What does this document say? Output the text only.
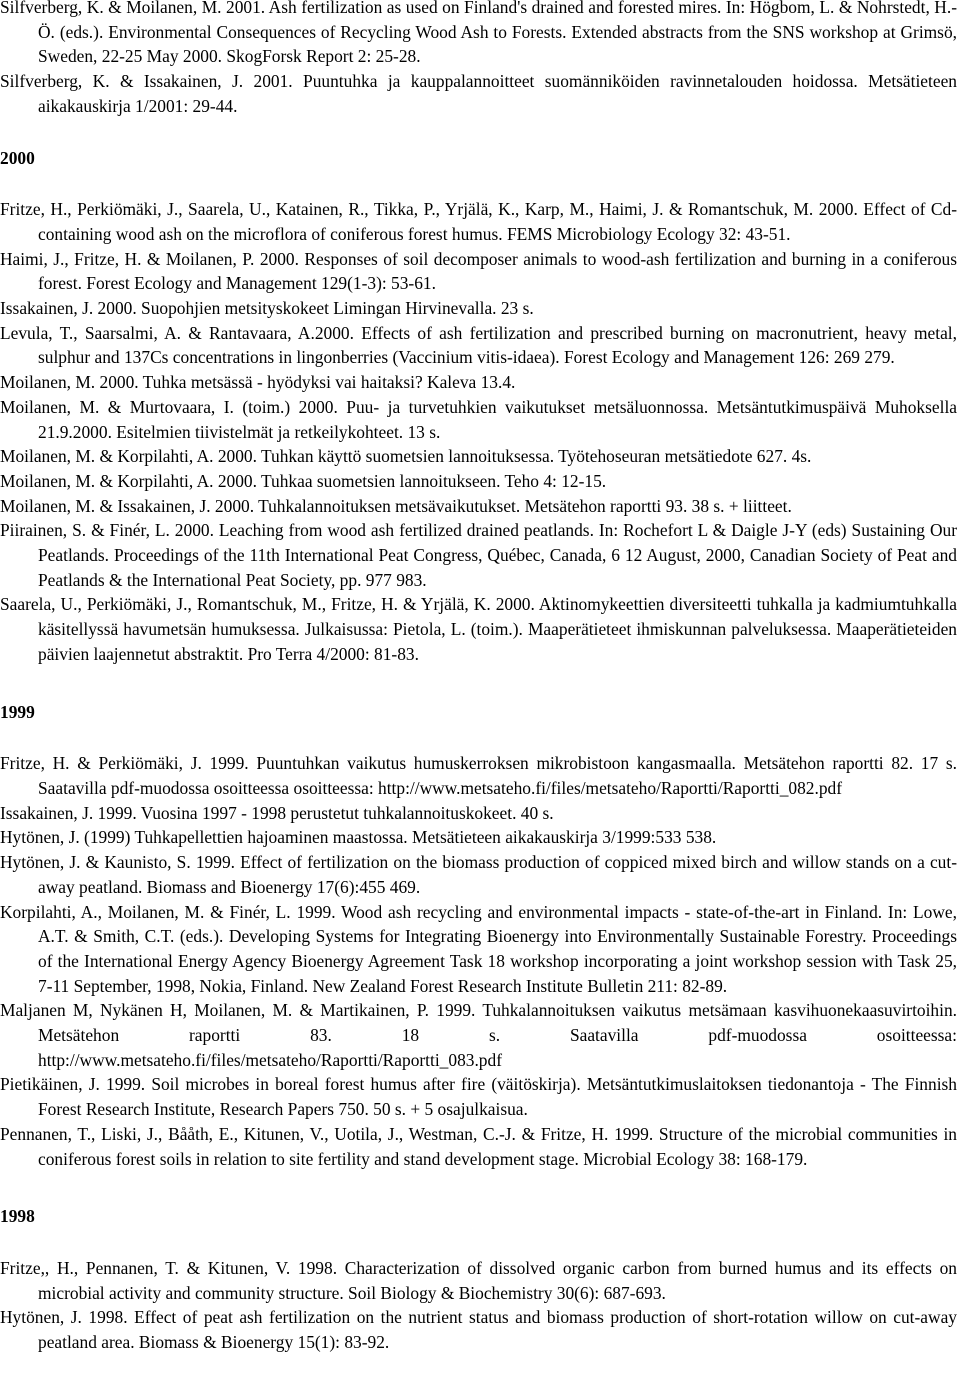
Silfverberg, K. & Moilanen, M. 2001. Ash fertilization as used on Finland's drained and forested mires. In: Högbom, L. & Nohrstedt, H.-Ö. (eds.). Environmental Consequences of Recycling Wood Ash to Forests. Extended abstracts from the SNS workshop at Grimsö, Sweden, 22-25 May 2000. SkogForsk Report 2: 25-28.

Silfverberg, K. & Issakainen, J. 2001. Puuntuhka ja kauppalannoitteet suomänniköiden ravinnetalouden hoidossa. Metsätieteen aikakauskirja 1/2001: 29-44.

2000

Fritze, H., Perkiömäki, J., Saarela, U., Katainen, R., Tikka, P., Yrjälä, K., Karp, M., Haimi, J. & Romantschuk, M. 2000. Effect of Cd-containing wood ash on the microflora of coniferous forest humus. FEMS Microbiology Ecology 32: 43-51.

Haimi, J., Fritze, H. & Moilanen, P. 2000. Responses of soil decomposer animals to wood-ash fertilization and burning in a coniferous forest. Forest Ecology and Management 129(1-3): 53-61.

Issakainen, J. 2000. Suopohjien metsityskokeet Limingan Hirvinevalla. 23 s.

Levula, T., Saarsalmi, A. & Rantavaara, A.2000. Effects of ash fertilization and prescribed burning on macronutrient, heavy metal, sulphur and 137Cs concentrations in lingonberries (Vaccinium vitis-idaea). Forest Ecology and Management 126: 269 279.

Moilanen, M. 2000. Tuhka metsässä - hyödyksi vai haitaksi? Kaleva 13.4.

Moilanen, M. & Murtovaara, I. (toim.) 2000. Puu- ja turvetuhkien vaikutukset metsäluonnossa. Metsäntutkimuspäivä Muhoksella 21.9.2000. Esitelmien tiivistelmät ja retkeilykohteet. 13 s.

Moilanen, M. & Korpilahti, A. 2000. Tuhkan käyttö suometsien lannoituksessa. Työtehoseuran metsätiedote 627. 4s.

Moilanen, M. & Korpilahti, A. 2000. Tuhkaa suometsien lannoitukseen. Teho 4: 12-15.

Moilanen, M. & Issakainen, J. 2000. Tuhkalannoituksen metsävaikutukset. Metsätehon raportti 93. 38 s. + liitteet.

Piirainen, S. & Finér, L. 2000. Leaching from wood ash fertilized drained peatlands. In: Rochefort L & Daigle J-Y (eds) Sustaining Our Peatlands. Proceedings of the 11th International Peat Congress, Québec, Canada, 6 12 August, 2000, Canadian Society of Peat and Peatlands & the International Peat Society, pp. 977 983.

Saarela, U., Perkiömäki, J., Romantschuk, M., Fritze, H. & Yrjälä, K. 2000. Aktinomykeettien diversiteetti tuhkalla ja kadmiumtuhkalla käsitellyssä havumetsän humuksessa. Julkaisussa: Pietola, L. (toim.). Maaperätieteet ihmiskunnan palveluksessa. Maaperätieteiden päivien laajennetut abstraktit. Pro Terra 4/2000: 81-83.

1999

Fritze, H. & Perkiömäki, J. 1999. Puuntuhkan vaikutus humuskerroksen mikrobistoon kangasmaalla. Metsätehon raportti 82. 17 s. Saatavilla pdf-muodossa osoitteessa osoitteessa: http://www.metsateho.fi/files/metsateho/Raportti/Raportti_082.pdf

Issakainen, J. 1999. Vuosina 1997 - 1998 perustetut tuhkalannoituskokeet. 40 s.

Hytönen, J. (1999) Tuhkapellettien hajoaminen maastossa. Metsätieteen aikakauskirja 3/1999:533 538.

Hytönen, J. & Kaunisto, S. 1999. Effect of fertilization on the biomass production of coppiced mixed birch and willow stands on a cut-away peatland. Biomass and Bioenergy 17(6):455 469.

Korpilahti, A., Moilanen, M. & Finér, L. 1999. Wood ash recycling and environmental impacts - state-of-the-art in Finland. In: Lowe, A.T. & Smith, C.T. (eds.). Developing Systems for Integrating Bioenergy into Environmentally Sustainable Forestry. Proceedings of the International Energy Agency Bioenergy Agreement Task 18 workshop incorporating a joint workshop session with Task 25, 7-11 September, 1998, Nokia, Finland. New Zealand Forest Research Institute Bulletin 211: 82-89.

Maljanen M, Nykänen H, Moilanen, M. & Martikainen, P. 1999. Tuhkalannoituksen vaikutus metsämaan kasvihuonekaasuvirtoihin. Metsätehon raportti 83. 18 s. Saatavilla pdf-muodossa osoitteessa: http://www.metsateho.fi/files/metsateho/Raportti/Raportti_083.pdf

Pietikäinen, J. 1999. Soil microbes in boreal forest humus after fire (väitöskirja). Metsäntutkimuslaitoksen tiedonantoja - The Finnish Forest Research Institute, Research Papers 750. 50 s. + 5 osajulkaisua.

Pennanen, T., Liski, J., Bååth, E., Kitunen, V., Uotila, J., Westman, C.-J. & Fritze, H. 1999. Structure of the microbial communities in coniferous forest soils in relation to site fertility and stand development stage. Microbial Ecology 38: 168-179.

1998

Fritze,, H., Pennanen, T. & Kitunen, V. 1998. Characterization of dissolved organic carbon from burned humus and its effects on microbial activity and community structure. Soil Biology & Biochemistry 30(6): 687-693.

Hytönen, J. 1998. Effect of peat ash fertilization on the nutrient status and biomass production of short-rotation willow on cut-away peatland area. Biomass & Bioenergy 15(1): 83-92.
